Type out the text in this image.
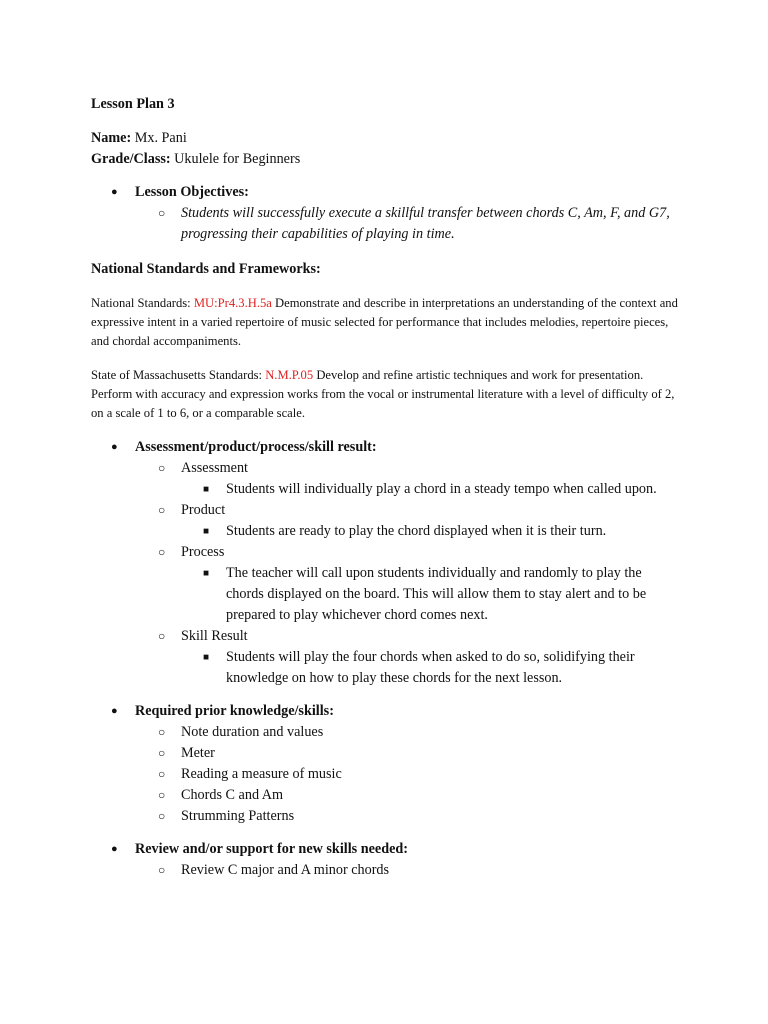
Lesson Plan 3

Name: Mx. Pani

Grade/Class: Ukulele for Beginners

● Lesson Objectives:
○ Students will successfully execute a skillful transfer between chords C, Am, F, and G7, progressing their capabilities of playing in time.

National Standards and Frameworks:

National Standards: MU:Pr4.3.H.5a Demonstrate and describe in interpretations an understanding of the context and expressive intent in a varied repertoire of music selected for performance that includes melodies, repertoire pieces, and chordal accompaniments.

State of Massachusetts Standards: N.M.P.05 Develop and refine artistic techniques and work for presentation. Perform with accuracy and expression works from the vocal or instrumental literature with a level of difficulty of 2, on a scale of 1 to 6, or a comparable scale.

● Assessment/product/process/skill result:
○ Assessment
■ Students will individually play a chord in a steady tempo when called upon.
○ Product
■ Students are ready to play the chord displayed when it is their turn.
○ Process
■ The teacher will call upon students individually and randomly to play the chords displayed on the board. This will allow them to stay alert and to be prepared to play whichever chord comes next.
○ Skill Result
■ Students will play the four chords when asked to do so, solidifying their knowledge on how to play these chords for the next lesson.
● Required prior knowledge/skills:
○ Note duration and values
○ Meter
○ Reading a measure of music
○ Chords C and Am
○ Strumming Patterns
● Review and/or support for new skills needed:
○ Review C major and A minor chords
